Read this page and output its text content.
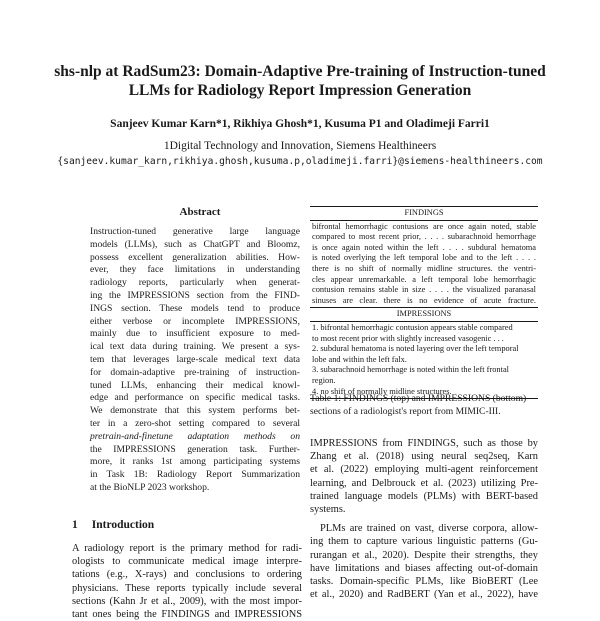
shs-nlp at RadSum23: Domain-Adaptive Pre-training of Instruction-tuned
LLMs for Radiology Report Impression Generation
Sanjeev Kumar Karn*1, Rikhiya Ghosh*1, Kusuma P1 and Oladimeji Farri1
1Digital Technology and Innovation, Siemens Healthineers
{sanjeev.kumar_karn,rikhiya.ghosh,kusuma.p,oladimeji.farri}@siemens-healthineers.com
Abstract
Instruction-tuned generative large language
models (LLMs), such as ChatGPT and Bloomz,
possess excellent generalization abilities. How-
ever, they face limitations in understanding
radiology reports, particularly when generat-
ing the IMPRESSIONS section from the FIND-
INGS section. These models tend to produce
either verbose or incomplete IMPRESSIONS,
mainly due to insufficient exposure to med-
ical text data during training. We present a sys-
tem that leverages large-scale medical text data
for domain-adaptive pre-training of instruction-
tuned LLMs, enhancing their medical knowl-
edge and performance on specific medical tasks.
We demonstrate that this system performs bet-
ter in a zero-shot setting compared to several
pretrain-and-finetune adaptation methods on
the IMPRESSIONS generation task. Further-
more, it ranks 1st among participating systems
in Task 1B: Radiology Report Summarization
at the BioNLP 2023 workshop.
1 Introduction
A radiology report is the primary method for radi-
ologists to communicate medical image interpre-
tations (e.g., X-rays) and conclusions to ordering
physicians. These reports typically include several
sections (Kahn Jr et al., 2009), with the most impor-
tant ones being the FINDINGS and IMPRESSIONS
FINDINGS
bifrontal hemorrhagic contusions are once again noted, stable
compared to most recent prior, . . . . subarachnoid hemorrhage
is once again noted within the left . . . . subdural hematoma
is noted overlying the left temporal lobe and to the left . . . .
there is no shift of normally midline structures. the ventri-
cles appear unremarkable. a left temporal lobe hemorrhagic
contusion remains stable in size . . . . the visualized paranasal
sinuses are clear. there is no evidence of acute fracture.
IMPRESSIONS
1. bifrontal hemorrhagic contusion appears stable compared
to most recent prior with slightly increased vasogenic . . .
2. subdural hematoma is noted layering over the left temporal
lobe and within the left falx.
3. subarachnoid hemorrhage is noted within the left frontal
region.
4. no shift of normally midline structures.
Table 1: FINDINGS (top) and IMPRESSIONS (bottom)
sections of a radiologist's report from MIMIC-III.
IMPRESSIONS from FINDINGS, such as those by
Zhang et al. (2018) using neural seq2seq, Karn
et al. (2022) employing multi-agent reinforcement
learning, and Delbrouck et al. (2023) utilizing Pre-
trained language models (PLMs) with BERT-based
systems.
PLMs are trained on vast, diverse corpora, allow-
ing them to capture various linguistic patterns (Gu-
rurangan et al., 2020). Despite their strengths, they
have limitations and biases affecting out-of-domain
tasks. Domain-specific PLMs, like BioBERT (Lee
et al., 2020) and RadBERT (Yan et al., 2022), have
